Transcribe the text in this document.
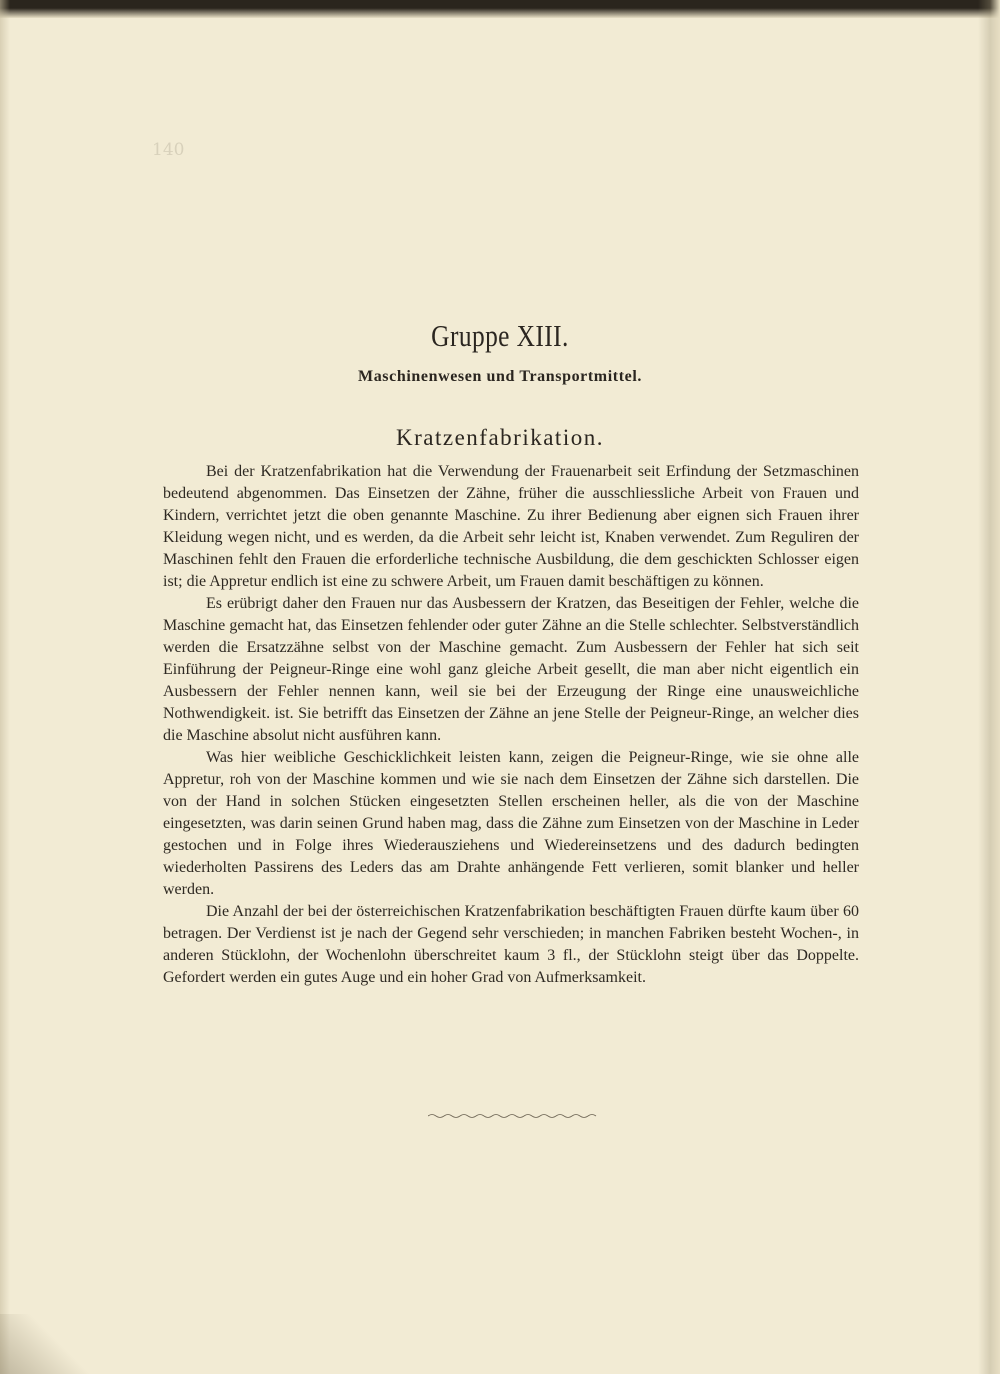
140
Gruppe XIII.
Maschinenwesen und Transportmittel.
Kratzenfabrikation.

Bei der Kratzenfabrikation hat die Verwendung der Frauenarbeit seit Erfindung der Setzmaschinen bedeutend abgenommen. Das Einsetzen der Zähne, früher die ausschliessliche Arbeit von Frauen und Kindern, verrichtet jetzt die oben genannte Maschine. Zu ihrer Bedienung aber eignen sich Frauen ihrer Kleidung wegen nicht, und es werden, da die Arbeit sehr leicht ist, Knaben verwendet. Zum Reguliren der Maschinen fehlt den Frauen die erforderliche technische Ausbildung, die dem geschickten Schlosser eigen ist; die Appretur endlich ist eine zu schwere Arbeit, um Frauen damit beschäftigen zu können.

Es erübrigt daher den Frauen nur das Ausbessern der Kratzen, das Beseitigen der Fehler, welche die Maschine gemacht hat, das Einsetzen fehlender oder guter Zähne an die Stelle schlechter. Selbstverständlich werden die Ersatzzähne selbst von der Maschine gemacht. Zum Ausbessern der Fehler hat sich seit Einführung der Peigneur-Ringe eine wohl ganz gleiche Arbeit gesellt, die man aber nicht eigentlich ein Ausbessern der Fehler nennen kann, weil sie bei der Erzeugung der Ringe eine unausweichliche Nothwendigkeit. ist. Sie betrifft das Einsetzen der Zähne an jene Stelle der Peigneur-Ringe, an welcher dies die Maschine absolut nicht ausführen kann.

Was hier weibliche Geschicklichkeit leisten kann, zeigen die Peigneur-Ringe, wie sie ohne alle Appretur, roh von der Maschine kommen und wie sie nach dem Einsetzen der Zähne sich darstellen. Die von der Hand in solchen Stücken eingesetzten Stellen erscheinen heller, als die von der Maschine eingesetzten, was darin seinen Grund haben mag, dass die Zähne zum Einsetzen von der Maschine in Leder gestochen und in Folge ihres Wiederausziehens und Wiedereinsetzens und des dadurch bedingten wiederholten Passirens des Leders das am Drahte anhängende Fett verlieren, somit blanker und heller werden.

Die Anzahl der bei der österreichischen Kratzenfabrikation beschäftigten Frauen dürfte kaum über 60 betragen. Der Verdienst ist je nach der Gegend sehr verschieden; in manchen Fabriken besteht Wochen-, in anderen Stücklohn, der Wochenlohn überschreitet kaum 3 fl., der Stücklohn steigt über das Doppelte. Gefordert werden ein gutes Auge und ein hoher Grad von Aufmerksamkeit.
